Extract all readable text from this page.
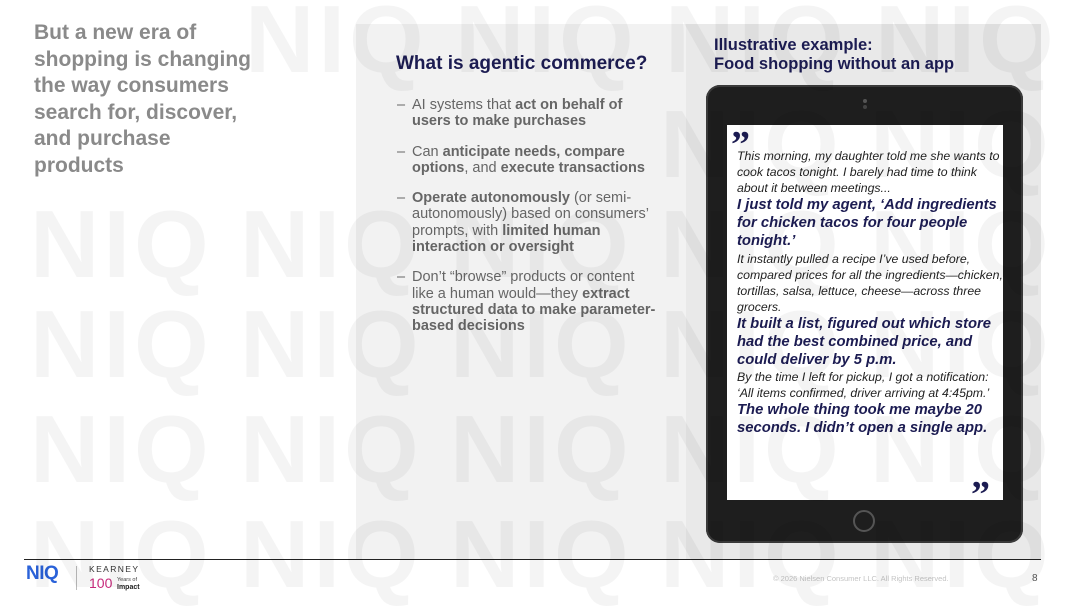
But a new era of shopping is changing the way consumers search for, discover, and purchase products
What is agentic commerce?
– AI systems that act on behalf of users to make purchases
– Can anticipate needs, compare options, and execute transactions
– Operate autonomously (or semi-autonomously) based on consumers’ prompts, with limited human interaction or oversight
– Don’t “browse” products or content like a human would—they extract structured data to make parameter-based decisions
Illustrative example:
Food shopping without an app
”
”

This morning, my daughter told me she wants to cook tacos tonight. I barely had time to think about it between meetings...

I just told my agent, ‘Add ingredients for chicken tacos for four people tonight.’

It instantly pulled a recipe I’ve used before, compared prices for all the ingredients—chicken, tortillas, salsa, lettuce, cheese—across three grocers.

It built a list, figured out which store had the best combined price, and could deliver by 5 p.m.

By the time I left for pickup, I got a notification: ‘All items confirmed, driver arriving at 4:45pm.’

The whole thing took me maybe 20 seconds. I didn’t open a single app.

NIQ	KEARNEY
100 Years of
Impact
© 2026 Nielsen Consumer LLC. All Rights Reserved.	8
